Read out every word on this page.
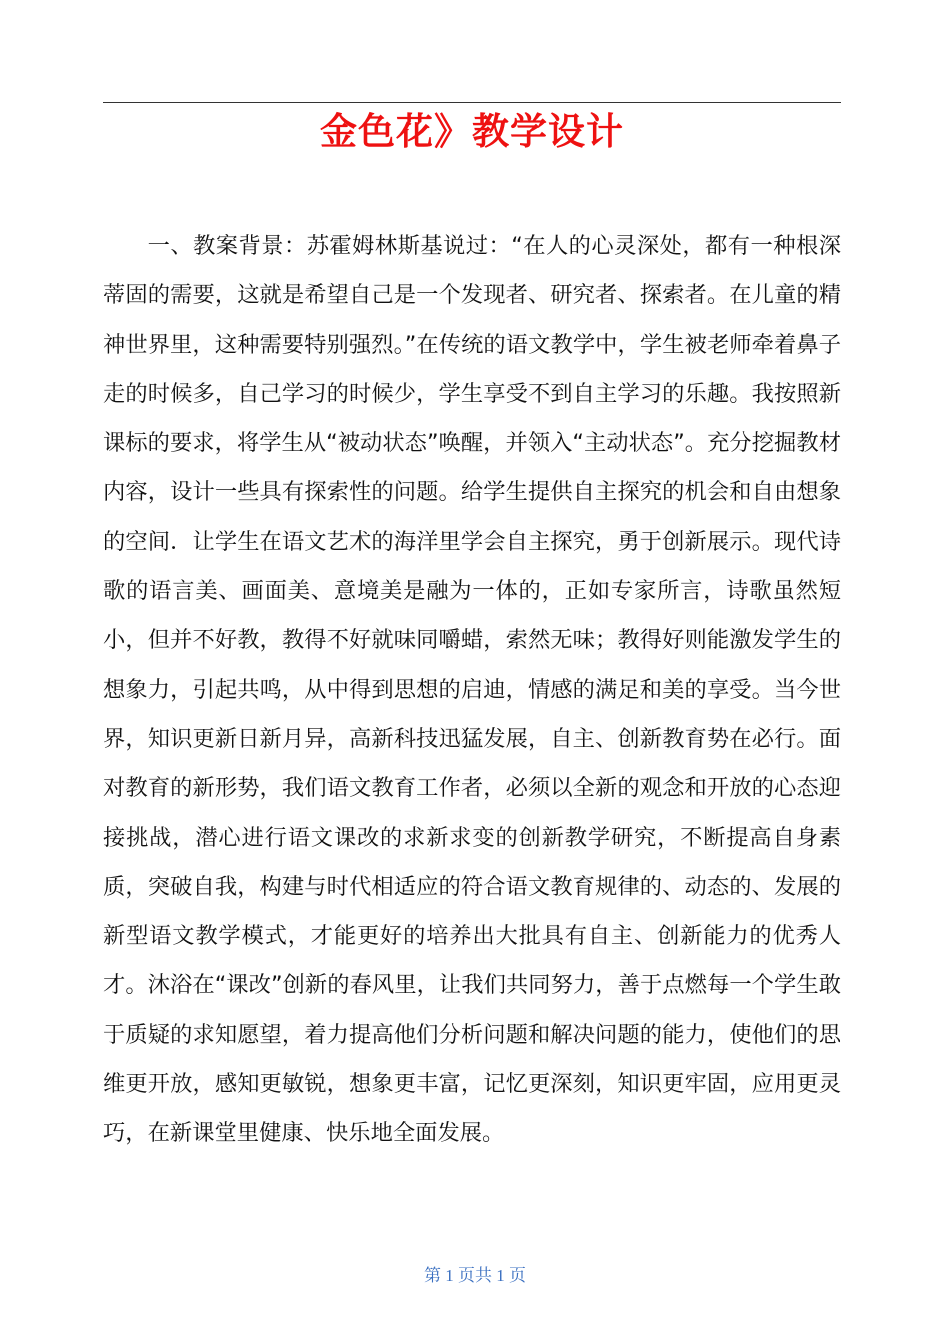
金色花》教学设计

一、教案背景：苏霍姆林斯基说过：“在人的心灵深处，都有一种根深蒂固的需要，这就是希望自己是一个发现者、研究者、探索者。在儿童的精神世界里，这种需要特别强烈。”在传统的语文教学中，学生被老师牵着鼻子走的时候多，自己学习的时候少，学生享受不到自主学习的乐趣。我按照新课标的要求，将学生从“被动状态”唤醒，并领入“主动状态”。充分挖掘教材内容，设计一些具有探索性的问题。给学生提供自主探究的机会和自由想象的空间．让学生在语文艺术的海洋里学会自主探究，勇于创新展示。现代诗歌的语言美、画面美、意境美是融为一体的，正如专家所言，诗歌虽然短小，但并不好教，教得不好就味同嚼蜡，索然无味；教得好则能激发学生的想象力，引起共鸣，从中得到思想的启迪，情感的满足和美的享受。当今世界，知识更新日新月异，高新科技迅猛发展，自主、创新教育势在必行。面对教育的新形势，我们语文教育工作者，必须以全新的观念和开放的心态迎接挑战，潜心进行语文课改的求新求变的创新教学研究，不断提高自身素质，突破自我，构建与时代相适应的符合语文教育规律的、动态的、发展的新型语文教学模式，才能更好的培养出大批具有自主、创新能力的优秀人才。沐浴在“课改”创新的春风里，让我们共同努力，善于点燃每一个学生敢于质疑的求知愿望，着力提高他们分析问题和解决问题的能力，使他们的思维更开放，感知更敏锐，想象更丰富，记忆更深刻，知识更牢固，应用更灵巧，在新课堂里健康、快乐地全面发展。

第 1 页共 1 页
